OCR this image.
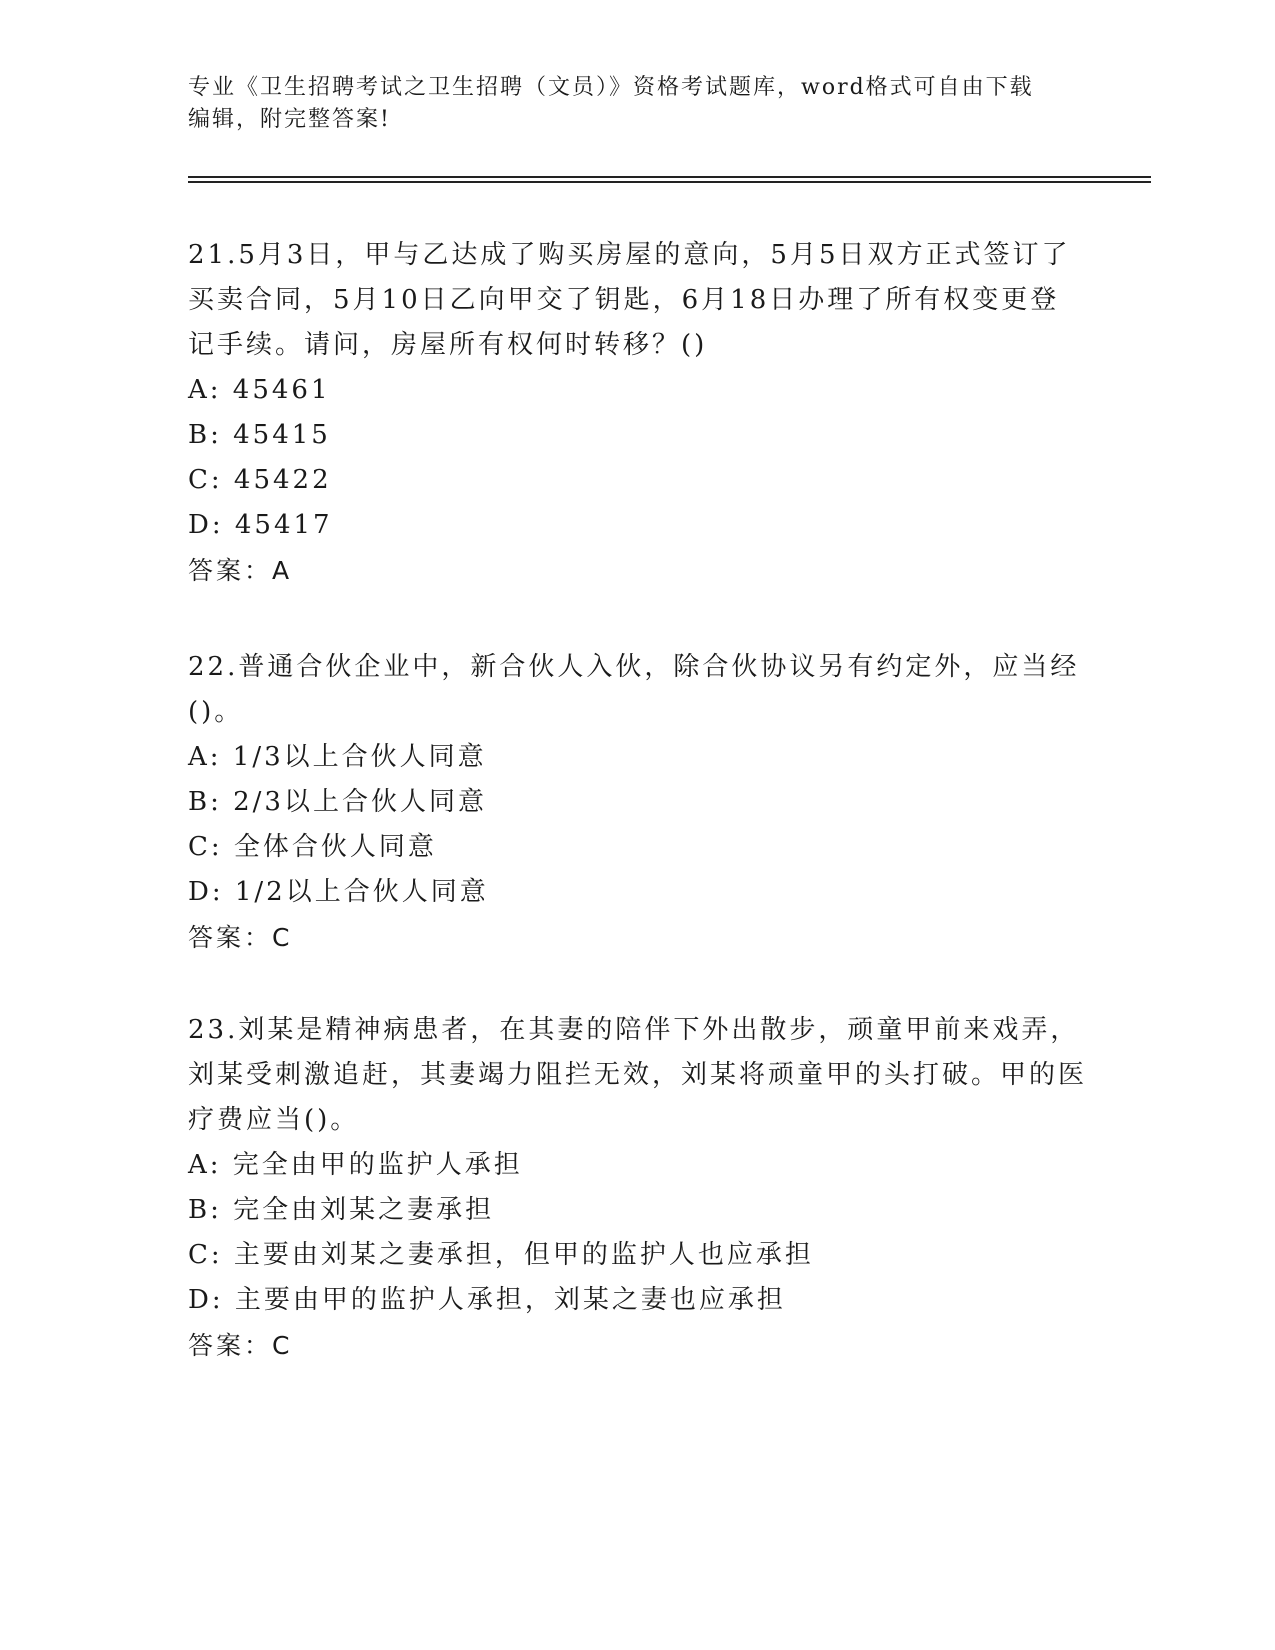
专业《卫生招聘考试之卫生招聘（文员）》资格考试题库，word格式可自由下载
编辑，附完整答案!

21.5月3日，甲与乙达成了购买房屋的意向，5月5日双方正式签订了买卖合同，5月10日乙向甲交了钥匙，6月18日办理了所有权变更登记手续。请问，房屋所有权何时转移？()

A: 45461

B: 45415

C: 45422

D: 45417

答案：A

22.普通合伙企业中，新合伙人入伙，除合伙协议另有约定外，应当经()。

A: 1/3以上合伙人同意

B: 2/3以上合伙人同意

C: 全体合伙人同意

D: 1/2以上合伙人同意

答案：C

23.刘某是精神病患者，在其妻的陪伴下外出散步，顽童甲前来戏弄，刘某受刺激追赶，其妻竭力阻拦无效，刘某将顽童甲的头打破。甲的医疗费应当()。

A: 完全由甲的监护人承担

B: 完全由刘某之妻承担

C: 主要由刘某之妻承担，但甲的监护人也应承担

D: 主要由甲的监护人承担，刘某之妻也应承担

答案：C
